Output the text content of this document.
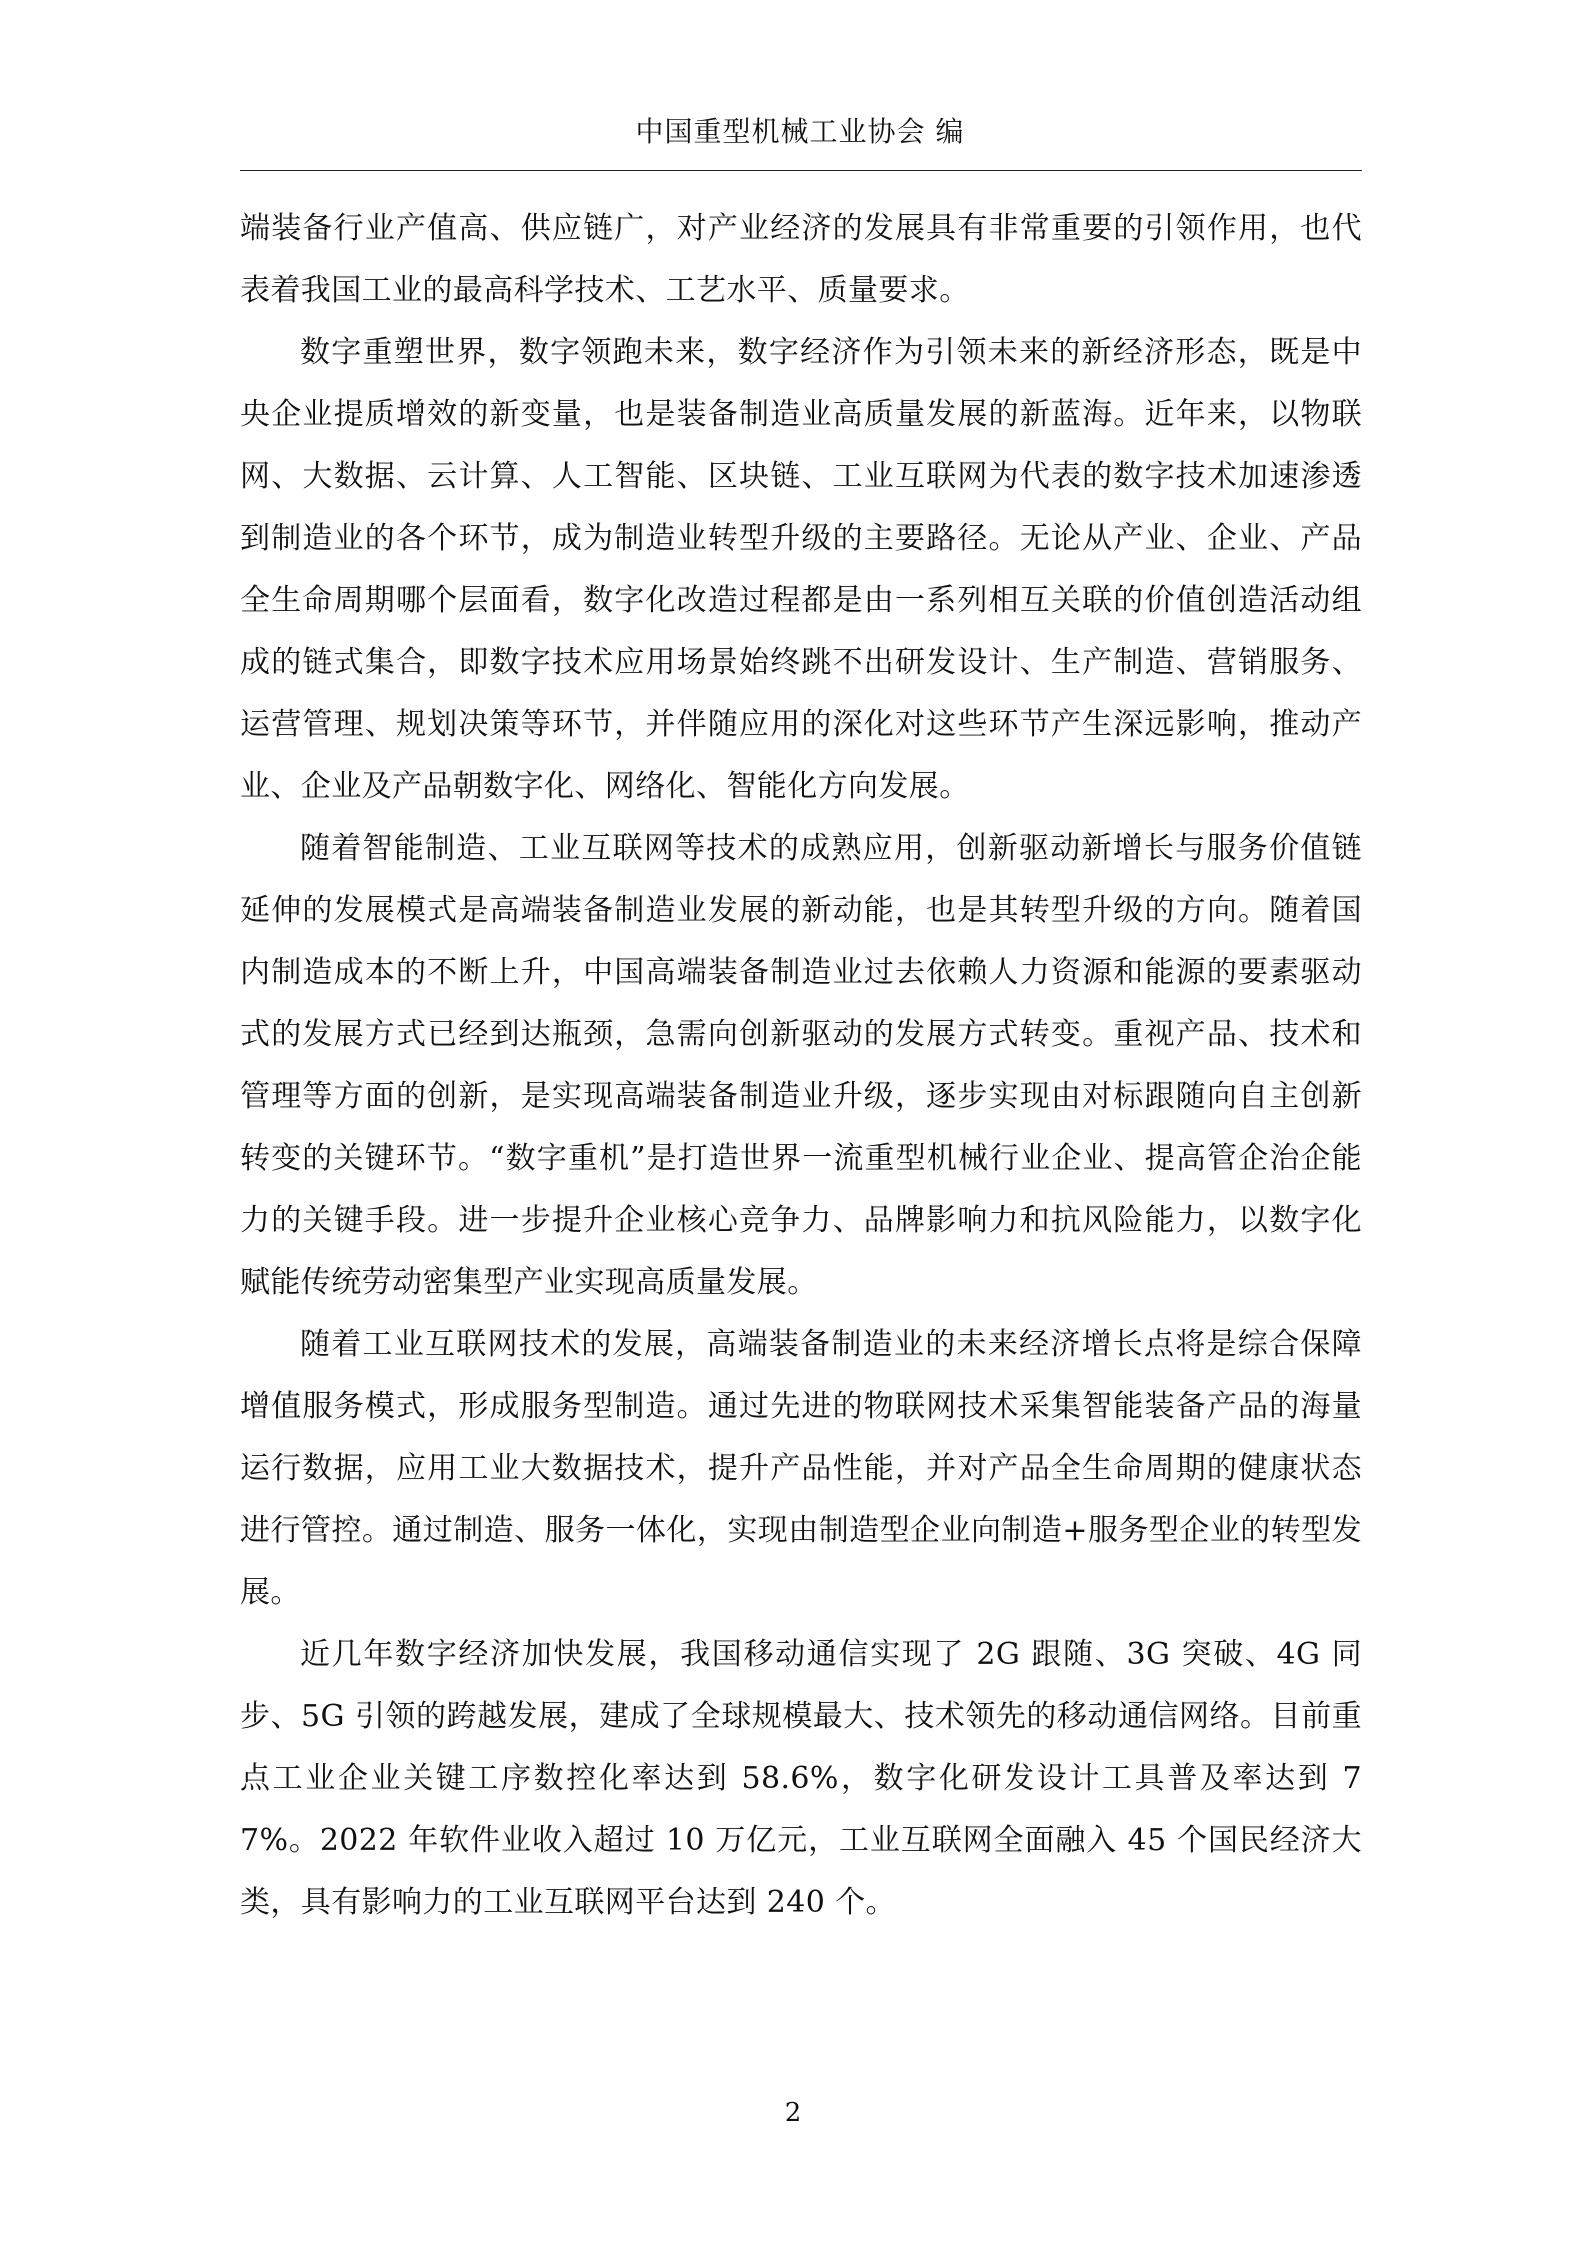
中国重型机械工业协会 编

端装备行业产值高、供应链广，对产业经济的发展具有非常重要的引领作用，也代表着我国工业的最高科学技术、工艺水平、质量要求。

数字重塑世界，数字领跑未来，数字经济作为引领未来的新经济形态，既是中央企业提质增效的新变量，也是装备制造业高质量发展的新蓝海。近年来，以物联网、大数据、云计算、人工智能、区块链、工业互联网为代表的数字技术加速渗透到制造业的各个环节，成为制造业转型升级的主要路径。无论从产业、企业、产品全生命周期哪个层面看，数字化改造过程都是由一系列相互关联的价值创造活动组成的链式集合，即数字技术应用场景始终跳不出研发设计、生产制造、营销服务、运营管理、规划决策等环节，并伴随应用的深化对这些环节产生深远影响，推动产业、企业及产品朝数字化、网络化、智能化方向发展。

随着智能制造、工业互联网等技术的成熟应用，创新驱动新增长与服务价值链延伸的发展模式是高端装备制造业发展的新动能，也是其转型升级的方向。随着国内制造成本的不断上升，中国高端装备制造业过去依赖人力资源和能源的要素驱动式的发展方式已经到达瓶颈，急需向创新驱动的发展方式转变。重视产品、技术和管理等方面的创新，是实现高端装备制造业升级，逐步实现由对标跟随向自主创新转变的关键环节。“数字重机”是打造世界一流重型机械行业企业、提高管企治企能力的关键手段。进一步提升企业核心竞争力、品牌影响力和抗风险能力，以数字化赋能传统劳动密集型产业实现高质量发展。

随着工业互联网技术的发展，高端装备制造业的未来经济增长点将是综合保障增值服务模式，形成服务型制造。通过先进的物联网技术采集智能装备产品的海量运行数据，应用工业大数据技术，提升产品性能，并对产品全生命周期的健康状态进行管控。通过制造、服务一体化，实现由制造型企业向制造+服务型企业的转型发展。

近几年数字经济加快发展，我国移动通信实现了 2G 跟随、3G 突破、4G 同步、5G 引领的跨越发展，建成了全球规模最大、技术领先的移动通信网络。目前重点工业企业关键工序数控化率达到 58.6%，数字化研发设计工具普及率达到 77%。2022 年软件业收入超过 10 万亿元，工业互联网全面融入 45 个国民经济大类，具有影响力的工业互联网平台达到 240 个。

2
